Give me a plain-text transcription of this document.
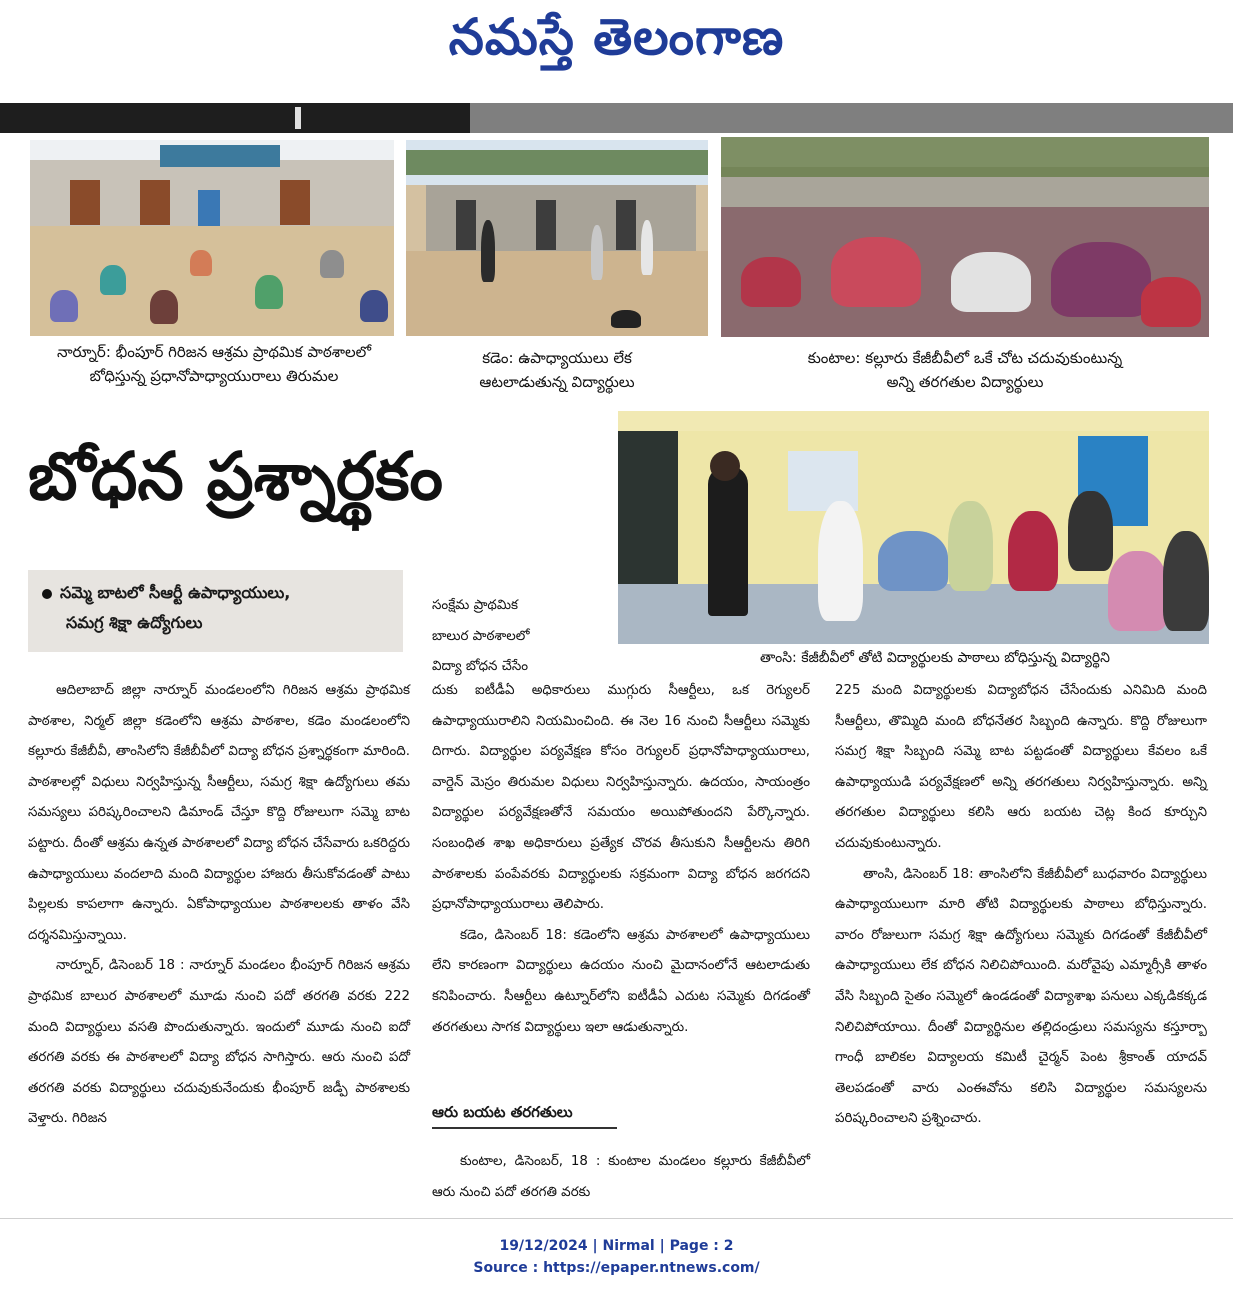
నమస్తే తెలంగాణ
నార్నూర్: భీంపూర్ గిరిజన ఆశ్రమ ప్రాథమిక పాఠశాలలో
బోధిస్తున్న ప్రధానోపాధ్యాయురాలు తిరుమల
కడెం: ఉపాధ్యాయులు లేక
ఆటలాడుతున్న విద్యార్థులు
కుంటాల: కల్లూరు కేజీబీవీలో ఒకే చోట చదువుకుంటున్న
అన్ని తరగతుల విద్యార్థులు
తాంసి: కేజీబీవీలో తోటి విద్యార్థులకు పాఠాలు బోధిస్తున్న విద్యార్థిని
బోధన ప్రశ్నార్థకం
సమ్మె బాటలో సీఆర్టీ ఉపాధ్యాయులు,
సమగ్ర శిక్షా ఉద్యోగులు

ఆదిలాబాద్ జిల్లా నార్నూర్ మండలంలోని గిరిజన ఆశ్రమ ప్రాథమిక పాఠశాల, నిర్మల్ జిల్లా కడెంలోని ఆశ్రమ పాఠశాల, కడెం మండలంలోని కల్లూరు కేజీబీవీ, తాంసిలోని కేజీబీవీలో విద్యా బోధన ప్రశ్నార్థకంగా మారింది. పాఠశాలల్లో విధులు నిర్వహిస్తున్న సీఆర్టీలు, సమగ్ర శిక్షా ఉద్యోగులు తమ సమస్యలు పరిష్కరించాలని డిమాండ్ చేస్తూ కొద్ది రోజులుగా సమ్మె బాట పట్టారు. దీంతో ఆశ్రమ ఉన్నత పాఠశాలలో విద్యా బోధన చేసేవారు ఒకరిద్దరు ఉపాధ్యాయులు వందలాది మంది విద్యార్థుల హాజరు తీసుకోవడంతో పాటు పిల్లలకు కాపలాగా ఉన్నారు. ఏకోపాధ్యాయుల పాఠశాలలకు తాళం వేసి దర్శనమిస్తున్నాయి.

నార్నూర్, డిసెంబర్ 18 : నార్నూర్ మండలం భీంపూర్ గిరిజన ఆశ్రమ ప్రాథమిక బాలుర పాఠశాలలో మూడు నుంచి పదో తరగతి వరకు 222 మంది విద్యార్థులు వసతి పొందుతున్నారు. ఇందులో మూడు నుంచి ఐదో తరగతి వరకు ఈ పాఠశాలలో విద్యా బోధన సాగిస్తారు. ఆరు నుంచి పదో తరగతి వరకు విద్యార్థులు చదువుకునేందుకు భీంపూర్ జడ్పీ పాఠశాలకు వెళ్తారు. గిరిజన

సంక్షేమ ప్రాథమిక
బాలుర పాఠశాలలో
విద్యా బోధన చేసేం

దుకు ఐటీడీఏ అధికారులు ముగ్గురు సీఆర్టీలు, ఒక రెగ్యులర్ ఉపాధ్యాయురాలిని నియమించింది. ఈ నెల 16 నుంచి సీఆర్టీలు సమ్మెకు దిగారు. విద్యార్థుల పర్యవేక్షణ కోసం రెగ్యులర్ ప్రధానోపాధ్యాయురాలు, వార్డెన్ మెస్రం తిరుమల విధులు నిర్వహిస్తున్నారు. ఉదయం, సాయంత్రం విద్యార్థుల పర్యవేక్షణతోనే సమయం అయిపోతుందని పేర్కొన్నారు. సంబంధిత శాఖ అధికారులు ప్రత్యేక చొరవ తీసుకుని సీఆర్టీలను తిరిగి పాఠశాలకు పంపేవరకు విద్యార్థులకు సక్రమంగా విద్యా బోధన జరగదని ప్రధానోపాధ్యాయురాలు తెలిపారు.

కడెం, డిసెంబర్ 18: కడెంలోని ఆశ్రమ పాఠశాలలో ఉపాధ్యాయులు లేని కారణంగా విద్యార్థులు ఉదయం నుంచి మైదానంలోనే ఆటలాడుతు కనిపించారు. సీఆర్టీలు ఉట్నూర్‌లోని ఐటీడీఏ ఎదుట సమ్మెకు దిగడంతో తరగతులు సాగక విద్యార్థులు ఇలా ఆడుతున్నారు.

ఆరు బయట తరగతులు

కుంటాల, డిసెంబర్, 18 : కుంటాల మండలం కల్లూరు కేజీబీవీలో ఆరు నుంచి పదో తరగతి వరకు

225 మంది విద్యార్థులకు విద్యాబోధన చేసేందుకు ఎనిమిది మంది సీఆర్టీలు, తొమ్మిది మంది బోధనేతర సిబ్బంది ఉన్నారు. కొద్ది రోజులుగా సమగ్ర శిక్షా సిబ్బంది సమ్మె బాట పట్టడంతో విద్యార్థులు కేవలం ఒకే ఉపాధ్యాయుడి పర్యవేక్షణలో అన్ని తరగతులు నిర్వహిస్తున్నారు. అన్ని తరగతుల విద్యార్థులు కలిసి ఆరు బయట చెట్ల కింద కూర్చుని చదువుకుంటున్నారు.

తాంసి, డిసెంబర్ 18: తాంసిలోని కేజీబీవీలో బుధవారం విద్యార్థులు ఉపాధ్యాయులుగా మారి తోటి విద్యార్థులకు పాఠాలు బోధిస్తున్నారు. వారం రోజులుగా సమగ్ర శిక్షా ఉద్యోగులు సమ్మెకు దిగడంతో కేజీబీవీలో ఉపాధ్యాయులు లేక బోధన నిలిచిపోయింది. మరోవైపు ఎమ్మార్సీకి తాళం వేసి సిబ్బంది సైతం సమ్మెలో ఉండడంతో విద్యాశాఖ పనులు ఎక్కడికక్కడ నిలిచిపోయాయి. దీంతో విద్యార్థినుల తల్లిదండ్రులు సమస్యను కస్తూర్బా గాంధీ బాలికల విద్యాలయ కమిటీ చైర్మన్ పెంట శ్రీకాంత్ యాదవ్ తెలపడంతో వారు ఎంఈవోను కలిసి విద్యార్థుల సమస్యలను పరిష్కరించాలని ప్రశ్నించారు.

19/12/2024 | Nirmal | Page : 2
Source : https://epaper.ntnews.com/
